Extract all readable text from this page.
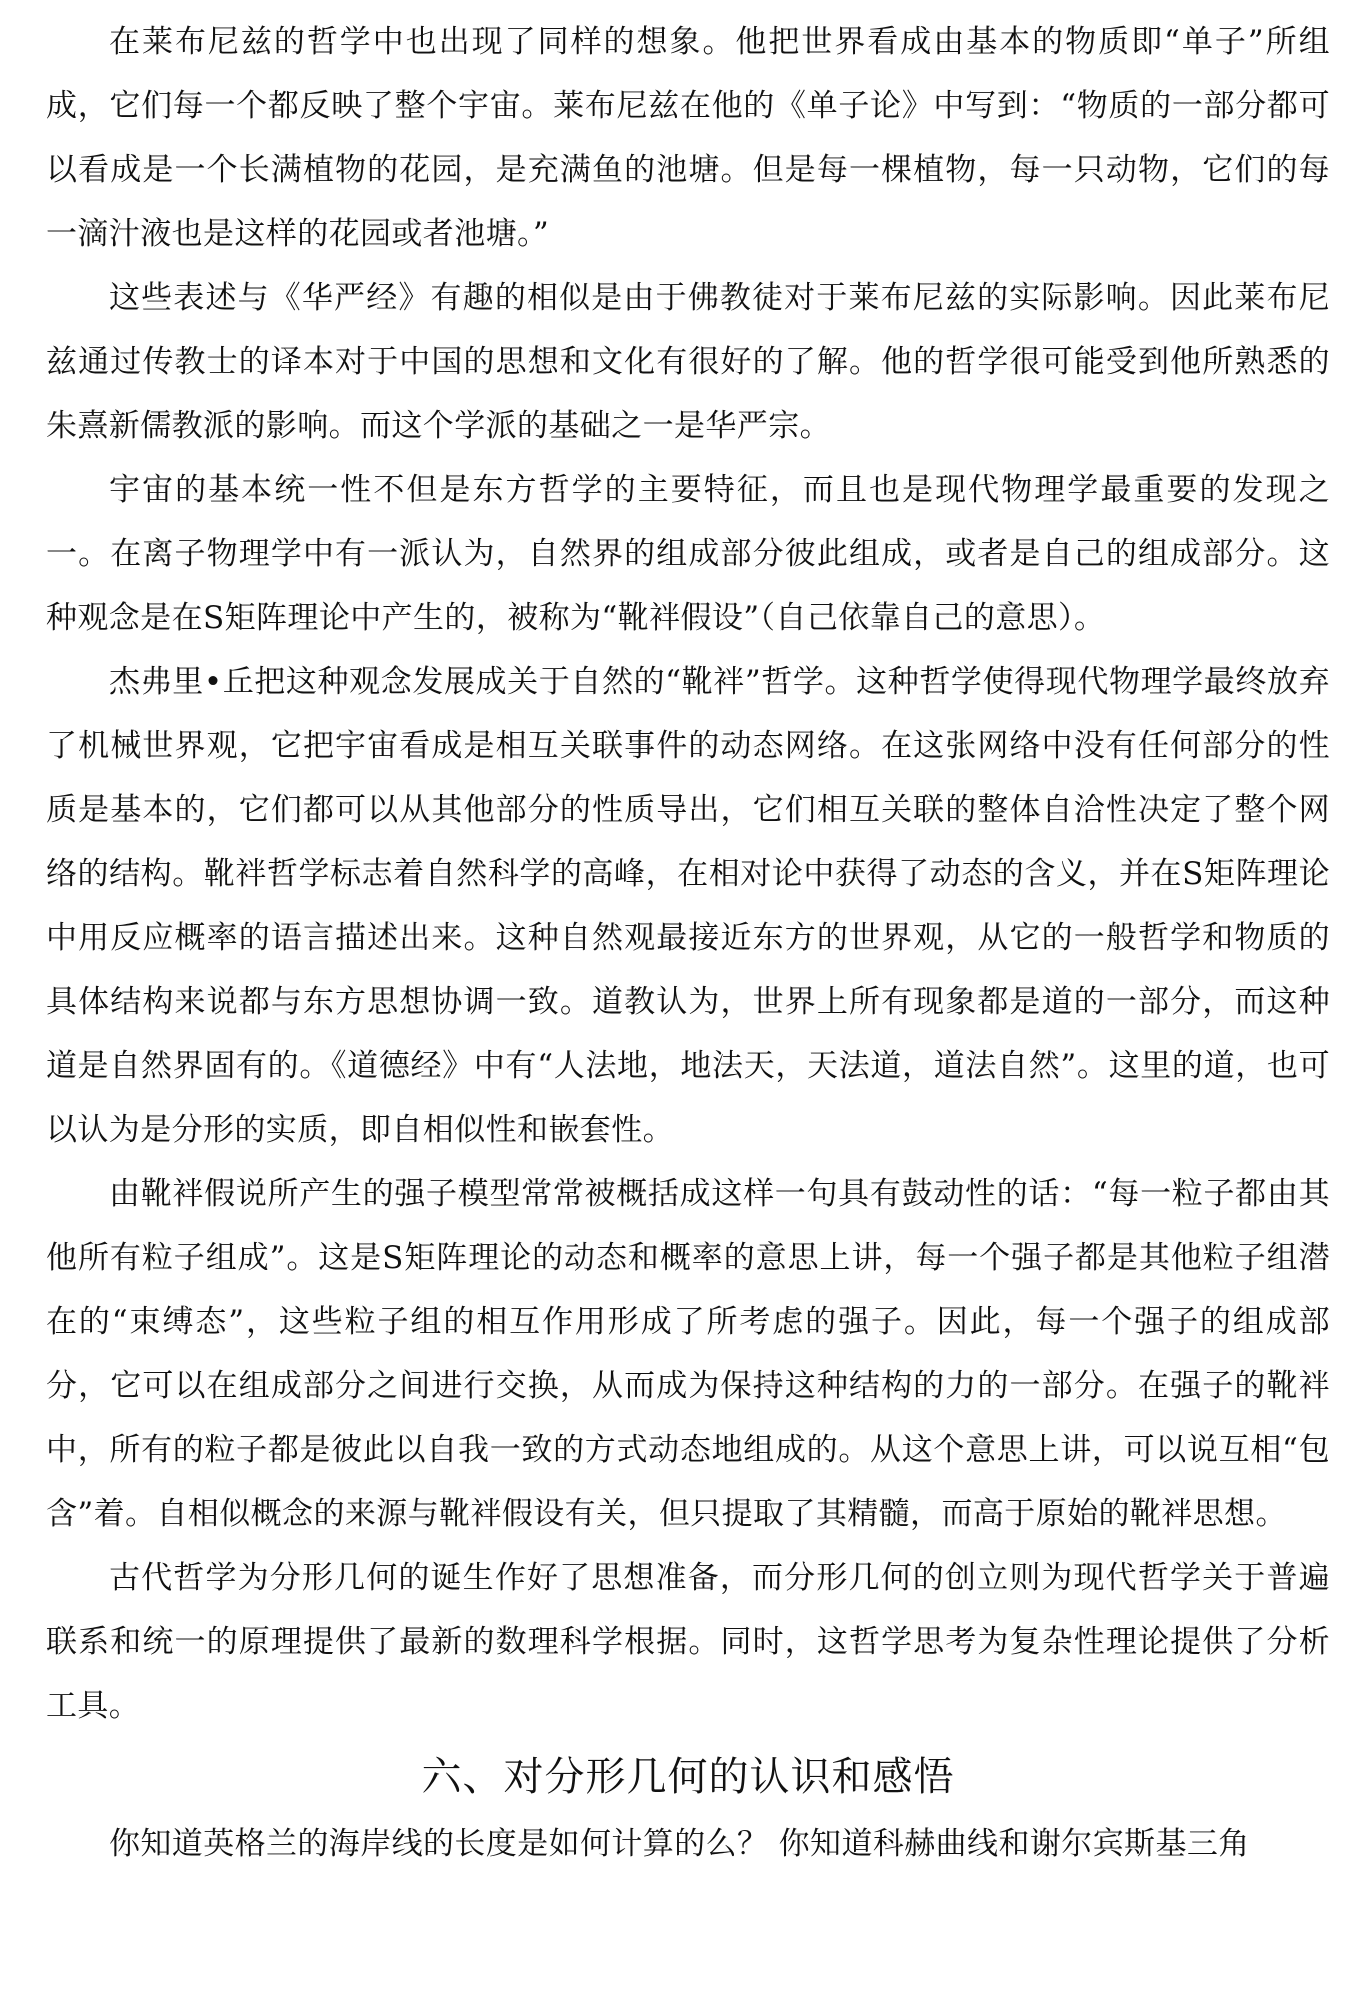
在莱布尼兹的哲学中也出现了同样的想象。他把世界看成由基本的物质即“单子”所组成，它们每一个都反映了整个宇宙。莱布尼兹在他的《单子论》中写到：“物质的一部分都可以看成是一个长满植物的花园，是充满鱼的池塘。但是每一棵植物，每一只动物，它们的每一滴汁液也是这样的花园或者池塘。”

这些表述与《华严经》有趣的相似是由于佛教徒对于莱布尼兹的实际影响。因此莱布尼兹通过传教士的译本对于中国的思想和文化有很好的了解。他的哲学很可能受到他所熟悉的朱熹新儒教派的影响。而这个学派的基础之一是华严宗。

宇宙的基本统一性不但是东方哲学的主要特征，而且也是现代物理学最重要的发现之一。在离子物理学中有一派认为，自然界的组成部分彼此组成，或者是自己的组成部分。这种观念是在S矩阵理论中产生的，被称为“靴袢假设”（自己依靠自己的意思）。

杰弗里•丘把这种观念发展成关于自然的“靴袢”哲学。这种哲学使得现代物理学最终放弃了机械世界观，它把宇宙看成是相互关联事件的动态网络。在这张网络中没有任何部分的性质是基本的，它们都可以从其他部分的性质导出，它们相互关联的整体自洽性决定了整个网络的结构。靴袢哲学标志着自然科学的高峰，在相对论中获得了动态的含义，并在S矩阵理论中用反应概率的语言描述出来。这种自然观最接近东方的世界观，从它的一般哲学和物质的具体结构来说都与东方思想协调一致。道教认为，世界上所有现象都是道的一部分，而这种道是自然界固有的。《道德经》中有“人法地，地法天，天法道，道法自然”。这里的道，也可以认为是分形的实质，即自相似性和嵌套性。

由靴袢假说所产生的强子模型常常被概括成这样一句具有鼓动性的话：“每一粒子都由其他所有粒子组成”。这是S矩阵理论的动态和概率的意思上讲，每一个强子都是其他粒子组潜在的“束缚态”，这些粒子组的相互作用形成了所考虑的强子。因此，每一个强子的组成部分，它可以在组成部分之间进行交换，从而成为保持这种结构的力的一部分。在强子的靴袢中，所有的粒子都是彼此以自我一致的方式动态地组成的。从这个意思上讲，可以说互相“包含”着。自相似概念的来源与靴袢假设有关，但只提取了其精髓，而高于原始的靴袢思想。

古代哲学为分形几何的诞生作好了思想准备，而分形几何的创立则为现代哲学关于普遍联系和统一的原理提供了最新的数理科学根据。同时，这哲学思考为复杂性理论提供了分析工具。

六、对分形几何的认识和感悟

你知道英格兰的海岸线的长度是如何计算的么？ 你知道科赫曲线和谢尔宾斯基三角
